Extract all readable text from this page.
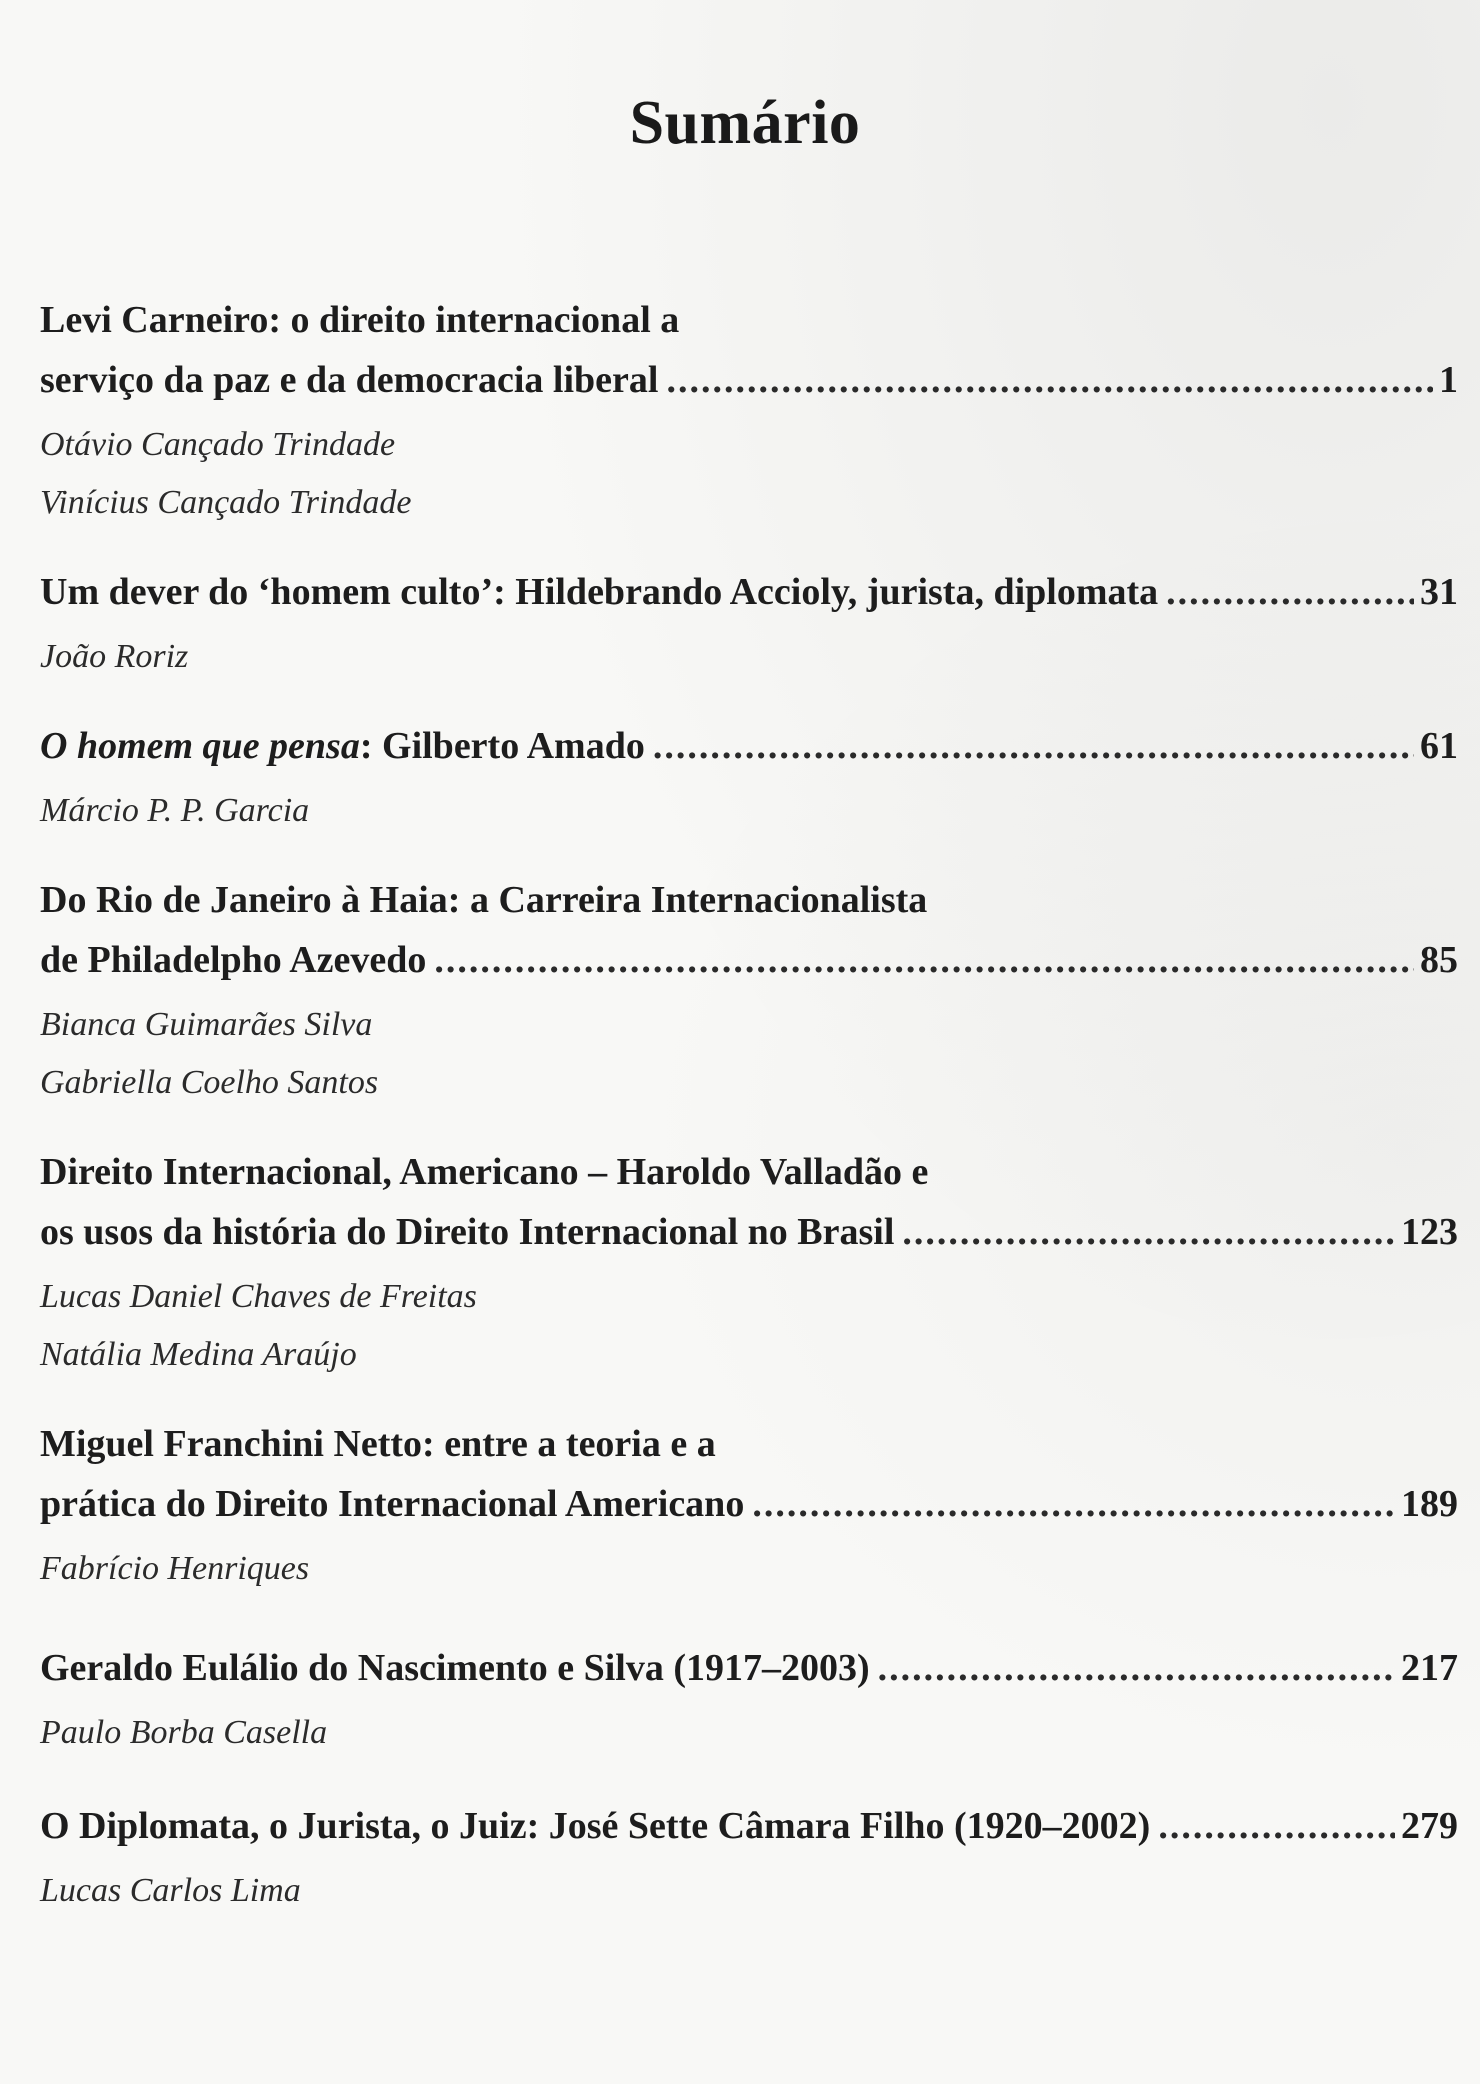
Sumário
Levi Carneiro: o direito internacional a
serviço da paz e da democracia liberal .....	1
Otávio Cançado Trindade
Vinícius Cançado Trindade
Um dever do ‘homem culto’: Hildebrando Accioly, jurista, diplomata .....	31
João Roriz
O homem que pensa: Gilberto Amado .....	61
Márcio P. P. Garcia
Do Rio de Janeiro à Haia: a Carreira Internacionalista
de Philadelpho Azevedo .....	85
Bianca Guimarães Silva
Gabriella Coelho Santos
Direito Internacional, Americano – Haroldo Valladão e
os usos da história do Direito Internacional no Brasil .....	123
Lucas Daniel Chaves de Freitas
Natália Medina Araújo
Miguel Franchini Netto: entre a teoria e a
prática do Direito Internacional Americano .....	189
Fabrício Henriques
Geraldo Eulálio do Nascimento e Silva (1917–2003) .....	217
Paulo Borba Casella
O Diplomata, o Jurista, o Juiz: José Sette Câmara Filho (1920–2002) .....	279
Lucas Carlos Lima
